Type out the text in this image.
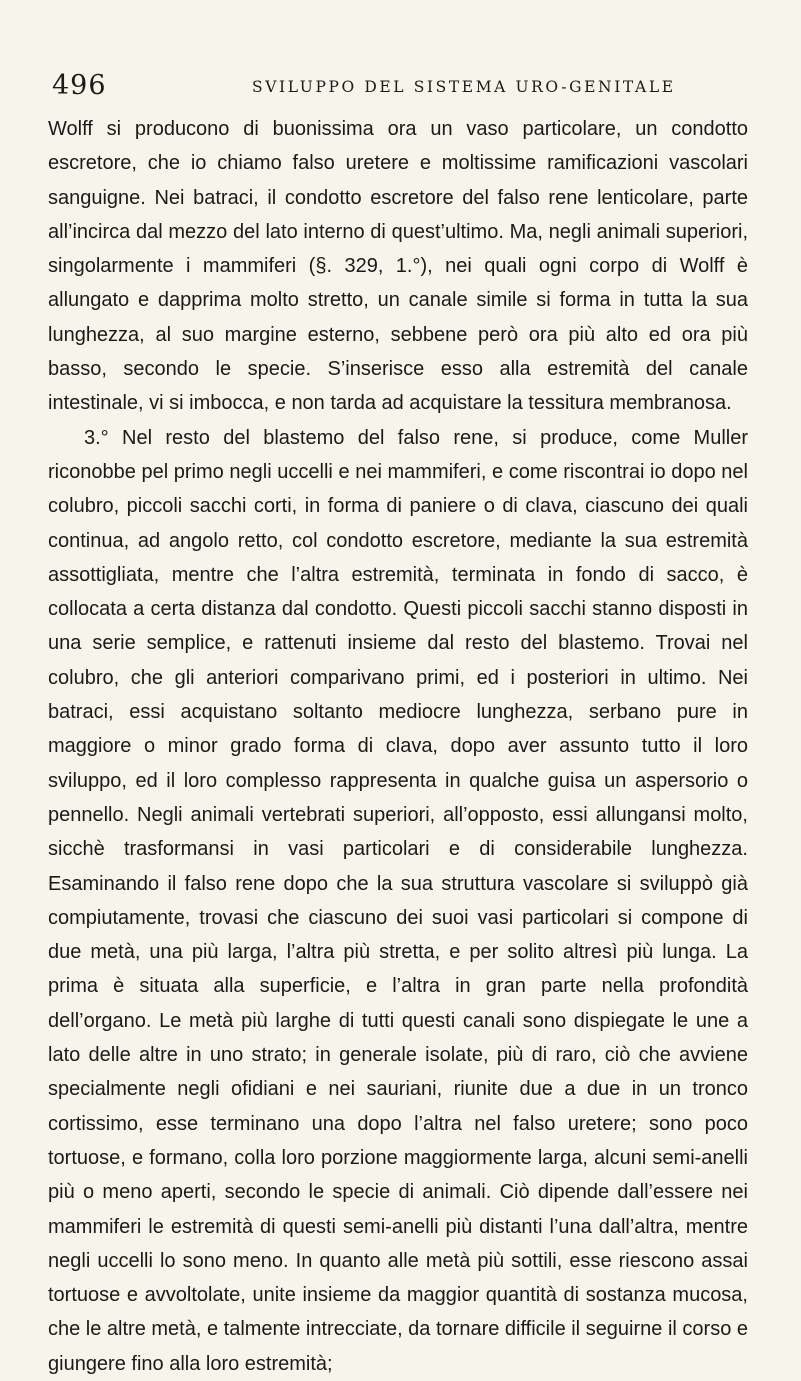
496	SVILUPPO DEL SISTEMA URO-GENITALE

Wolff si producono di buonissima ora un vaso particolare, un condotto escretore, che io chiamo falso uretere e moltissime ramificazioni vascolari sanguigne. Nei batraci, il condotto escretore del falso rene lenticolare, parte all’incirca dal mezzo del lato interno di quest’ultimo. Ma, negli animali superiori, singolarmente i mammiferi (§. 329, 1.°), nei quali ogni corpo di Wolff è allungato e dapprima molto stretto, un canale simile si forma in tutta la sua lunghezza, al suo margine esterno, sebbene però ora più alto ed ora più basso, secondo le specie. S’inserisce esso alla estremità del canale intestinale, vi si imbocca, e non tarda ad acquistare la tessitura membranosa.

3.° Nel resto del blastemo del falso rene, si produce, come Muller riconobbe pel primo negli uccelli e nei mammiferi, e come riscontrai io dopo nel colubro, piccoli sacchi corti, in forma di paniere o di clava, ciascuno dei quali continua, ad angolo retto, col condotto escretore, mediante la sua estremità assottigliata, mentre che l’altra estremità, terminata in fondo di sacco, è collocata a certa distanza dal condotto. Questi piccoli sacchi stanno disposti in una serie semplice, e rattenuti insieme dal resto del blastemo. Trovai nel colubro, che gli anteriori comparivano primi, ed i posteriori in ultimo. Nei batraci, essi acquistano soltanto mediocre lunghezza, serbano pure in maggiore o minor grado forma di clava, dopo aver assunto tutto il loro sviluppo, ed il loro complesso rappresenta in qualche guisa un aspersorio o pennello. Negli animali vertebrati superiori, all’opposto, essi allungansi molto, sicchè trasformansi in vasi particolari e di considerabile lunghezza. Esaminando il falso rene dopo che la sua struttura vascolare si sviluppò già compiutamente, trovasi che ciascuno dei suoi vasi particolari si compone di due metà, una più larga, l’altra più stretta, e per solito altresì più lunga. La prima è situata alla superficie, e l’altra in gran parte nella profondità dell’organo. Le metà più larghe di tutti questi canali sono dispiegate le une a lato delle altre in uno strato; in generale isolate, più di raro, ciò che avviene specialmente negli ofidiani e nei sauriani, riunite due a due in un tronco cortissimo, esse terminano una dopo l’altra nel falso uretere; sono poco tortuose, e formano, colla loro porzione maggiormente larga, alcuni semi-anelli più o meno aperti, secondo le specie di animali. Ciò dipende dall’essere nei mammiferi le estremità di questi semi-anelli più distanti l’una dall’altra, mentre negli uccelli lo sono meno. In quanto alle metà più sottili, esse riescono assai tortuose e avvoltolate, unite insieme da maggior quantità di sostanza mucosa, che le altre metà, e talmente intrecciate, da tornare difficile il seguirne il corso e giungere fino alla loro estremità;
